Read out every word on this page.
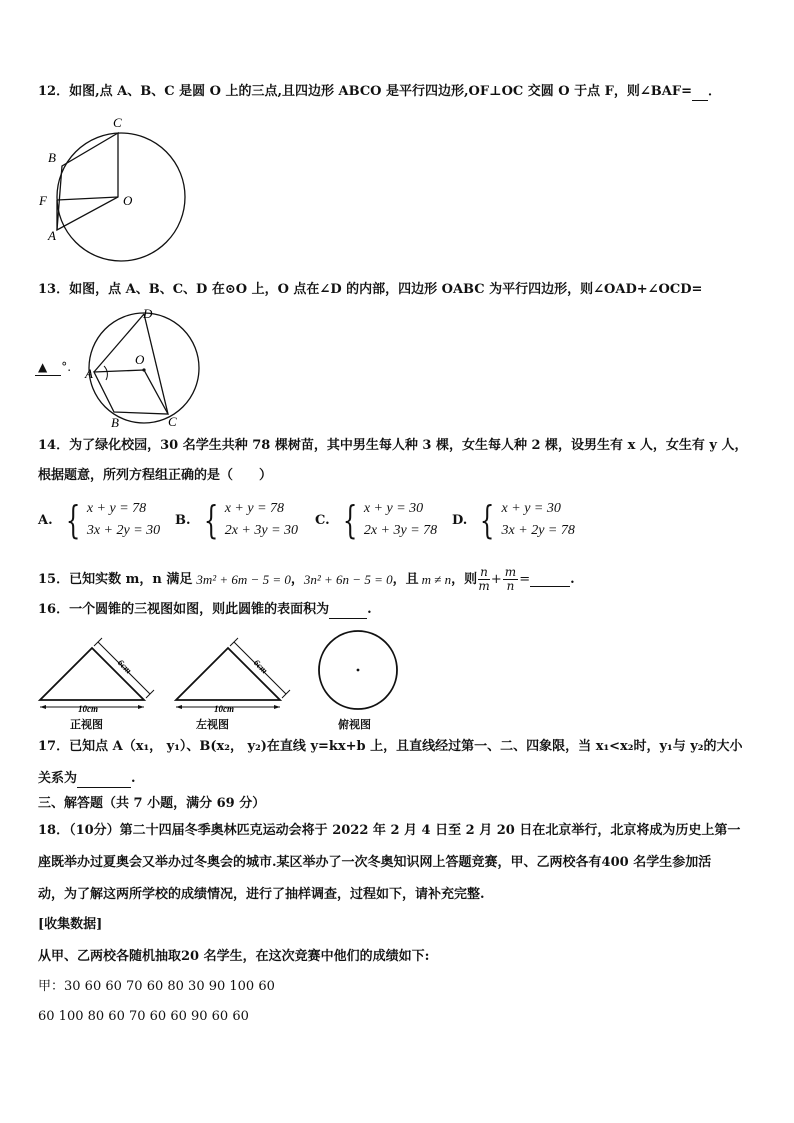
12．如图,点 A、B、C 是圆 O 上的三点,且四边形 ABCO 是平行四边形,OF⊥OC 交圆 O 于点 F，则∠BAF= ．
C
B
F	O
A
13．如图，点 A、B、C、D 在⊙O 上，O 点在∠D 的内部，四边形 OABC 为平行四边形，则∠OAD+∠OCD=
D
O
A
B	C
▲ °.
14．为了绿化校园，30 名学生共种 78 棵树苗，其中男生每人种 3 棵，女生每人种 2 棵，设男生有 x 人，女生有 y 人，
根据题意，所列方程组正确的是（　　）
A. { x + y = 78
3x + 2y = 30
B. { x + y = 78
2x + 3y = 30
C. { x + y = 30
2x + 3y = 78
D. { x + y = 30
3x + 2y = 78
15．已知实数 m，n 满足 3m² + 6m − 5 = 0 ， 3n² + 6n − 5 = 0 ，且 m ≠ n ，则 $\frac{n}{m} + \frac{m}{n}$ =	.
16．一个圆锥的三视图如图，则此圆锥的表面积为	.
10cm
6cm
正视图
10cm
6cm
左视图	俯视图
17．已知点 A（x₁， y₁）、B(x₂， y₂)在直线 y=kx+b 上，且直线经过第一、二、四象限，当 x₁<x₂时，y₁与 y₂的大小
关系为	.
三、解答题（共 7 小题，满分 69 分）
18．（10分）第二十四届冬季奥林匹克运动会将于 2022 年 2 月 4 日至 2 月 20 日在北京举行，北京将成为历史上第一
座既举办过夏奥会又举办过冬奥会的城市.某区举办了一次冬奥知识网上答题竞赛，甲、乙两校各有400 名学生参加活
动，为了解这两所学校的成绩情况，进行了抽样调查，过程如下，请补充完整.
[收集数据]
从甲、乙两校各随机抽取20 名学生，在这次竞赛中他们的成绩如下:
甲：30 60 60 70 60 80 30 90 100 60
60 100 80 60 70 60 60 90 60 60
